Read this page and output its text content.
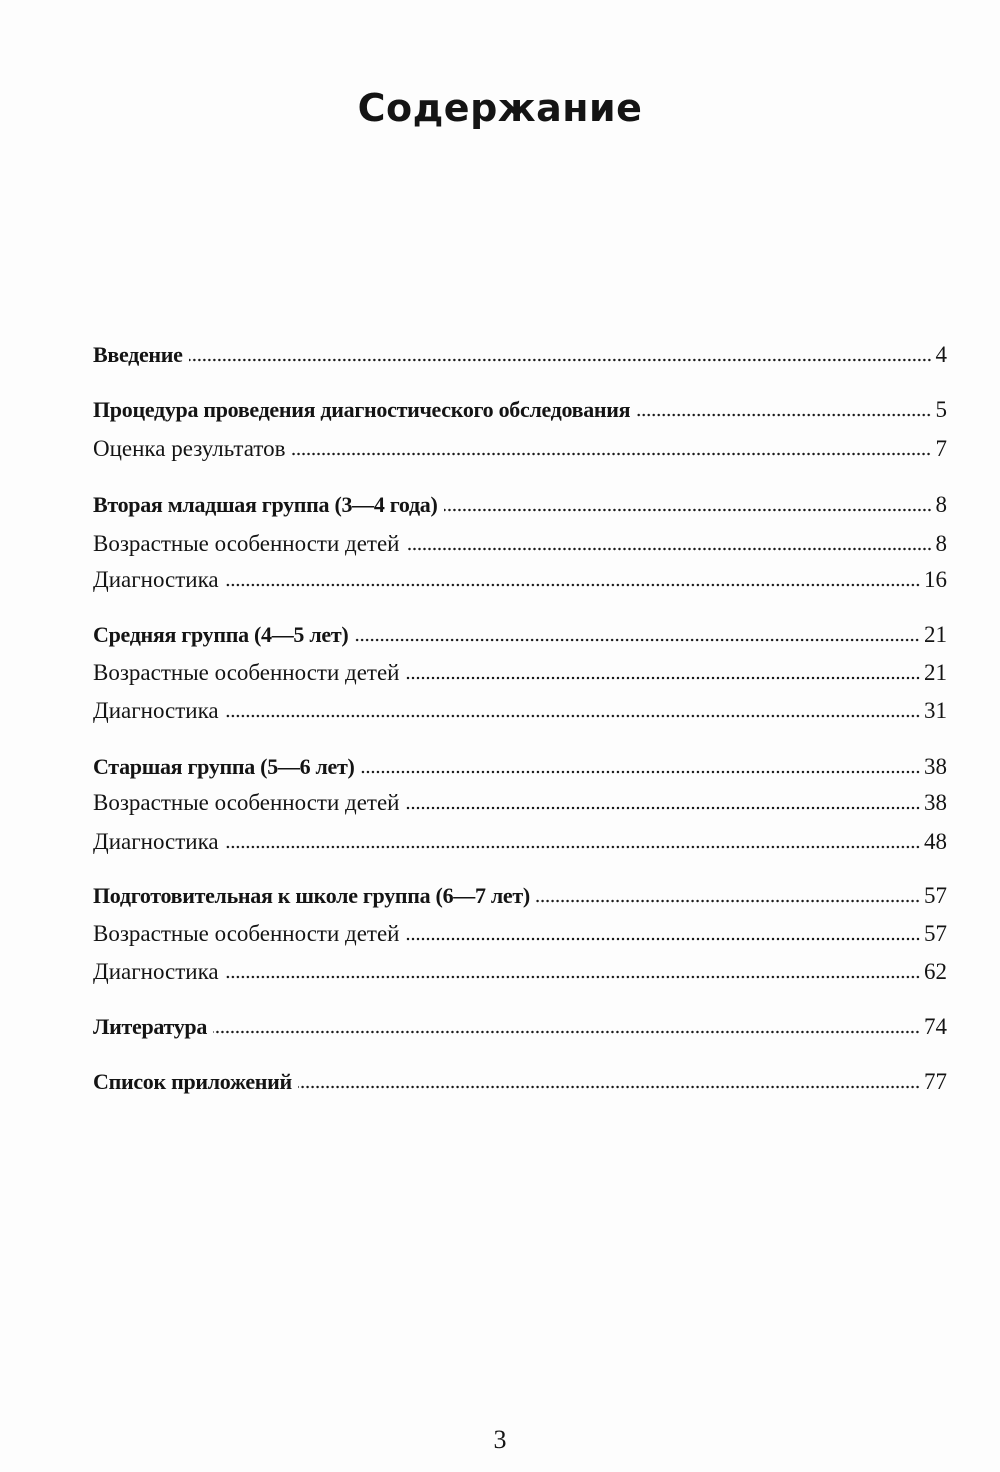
Содержание
Введение	4
Процедура проведения диагностического обследования	5
Оценка результатов	7
Вторая младшая группа (3—4 года)	8
Возрастные особенности детей	8
Диагностика	16
Средняя группа (4—5 лет)	21
Возрастные особенности детей	21
Диагностика	31
Старшая группа (5—6 лет)	38
Возрастные особенности детей	38
Диагностика	48
Подготовительная к школе группа (6—7 лет)	57
Возрастные особенности детей	57
Диагностика	62
Литература	74
Список приложений	77
3
